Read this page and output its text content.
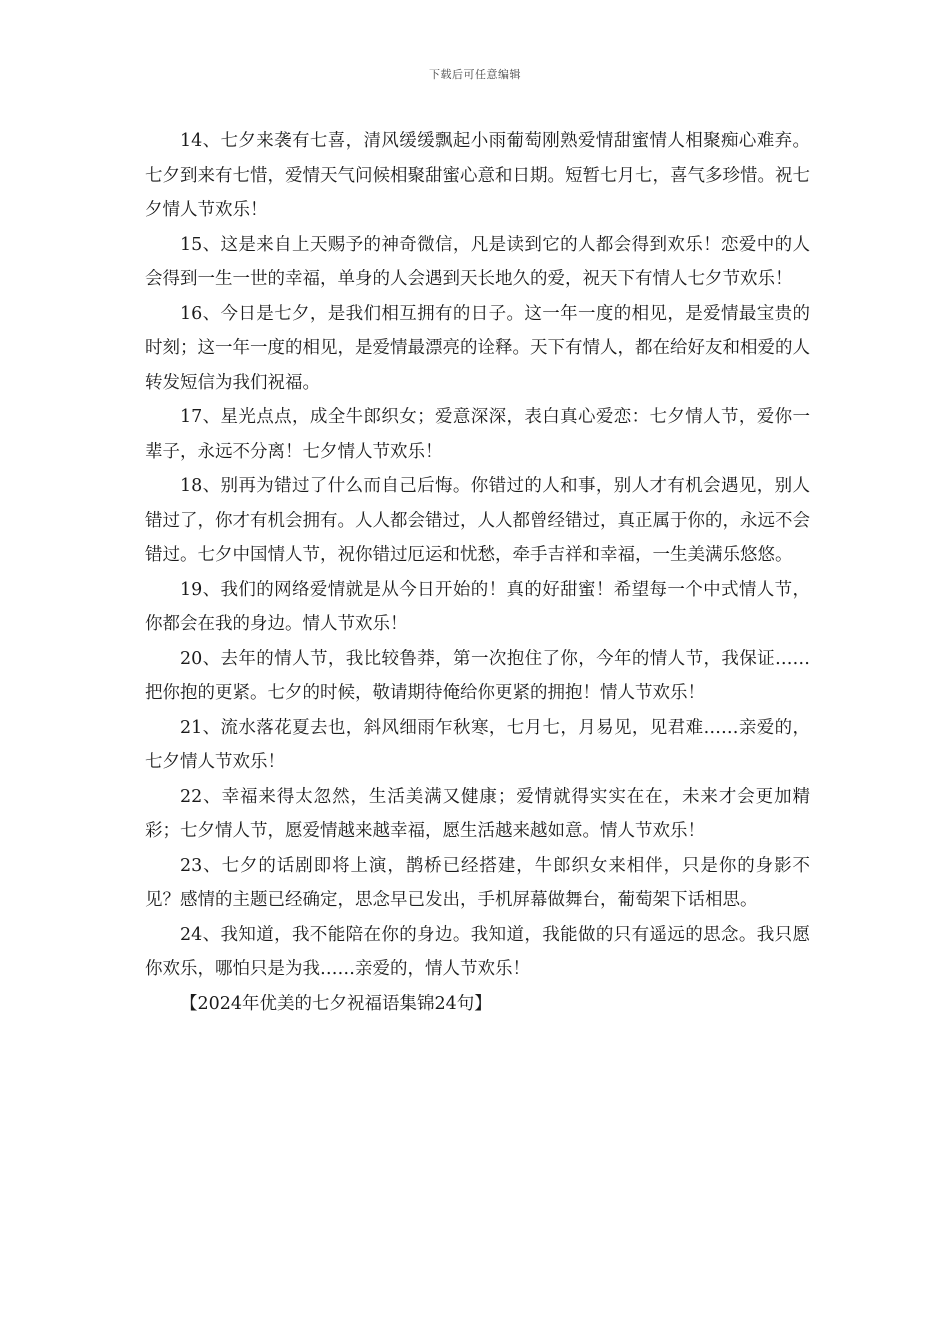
下载后可任意编辑

14、七夕来袭有七喜，清风缓缓飘起小雨葡萄刚熟爱情甜蜜情人相聚痴心难弃。七夕到来有七惜，爱情天气问候相聚甜蜜心意和日期。短暂七月七，喜气多珍惜。祝七夕情人节欢乐！

15、这是来自上天赐予的神奇微信，凡是读到它的人都会得到欢乐！恋爱中的人会得到一生一世的幸福，单身的人会遇到天长地久的爱，祝天下有情人七夕节欢乐！

16、今日是七夕，是我们相互拥有的日子。这一年一度的相见，是爱情最宝贵的时刻；这一年一度的相见，是爱情最漂亮的诠释。天下有情人，都在给好友和相爱的人转发短信为我们祝福。

17、星光点点，成全牛郎织女；爱意深深，表白真心爱恋：七夕情人节，爱你一辈子，永远不分离！七夕情人节欢乐！

18、别再为错过了什么而自己后悔。你错过的人和事，别人才有机会遇见，别人错过了，你才有机会拥有。人人都会错过，人人都曾经错过，真正属于你的，永远不会错过。七夕中国情人节，祝你错过厄运和忧愁，牵手吉祥和幸福，一生美满乐悠悠。

19、我们的网络爱情就是从今日开始的！真的好甜蜜！希望每一个中式情人节，你都会在我的身边。情人节欢乐！

20、去年的情人节，我比较鲁莽，第一次抱住了你，今年的情人节，我保证……把你抱的更紧。七夕的时候，敬请期待俺给你更紧的拥抱！情人节欢乐！

21、流水落花夏去也，斜风细雨乍秋寒，七月七，月易见，见君难……亲爱的，七夕情人节欢乐！

22、幸福来得太忽然，生活美满又健康；爱情就得实实在在，未来才会更加精彩；七夕情人节，愿爱情越来越幸福，愿生活越来越如意。情人节欢乐！

23、七夕的话剧即将上演，鹊桥已经搭建，牛郎织女来相伴，只是你的身影不见？感情的主题已经确定，思念早已发出，手机屏幕做舞台，葡萄架下话相思。

24、我知道，我不能陪在你的身边。我知道，我能做的只有遥远的思念。我只愿你欢乐，哪怕只是为我……亲爱的，情人节欢乐！

【2024年优美的七夕祝福语集锦24句】
